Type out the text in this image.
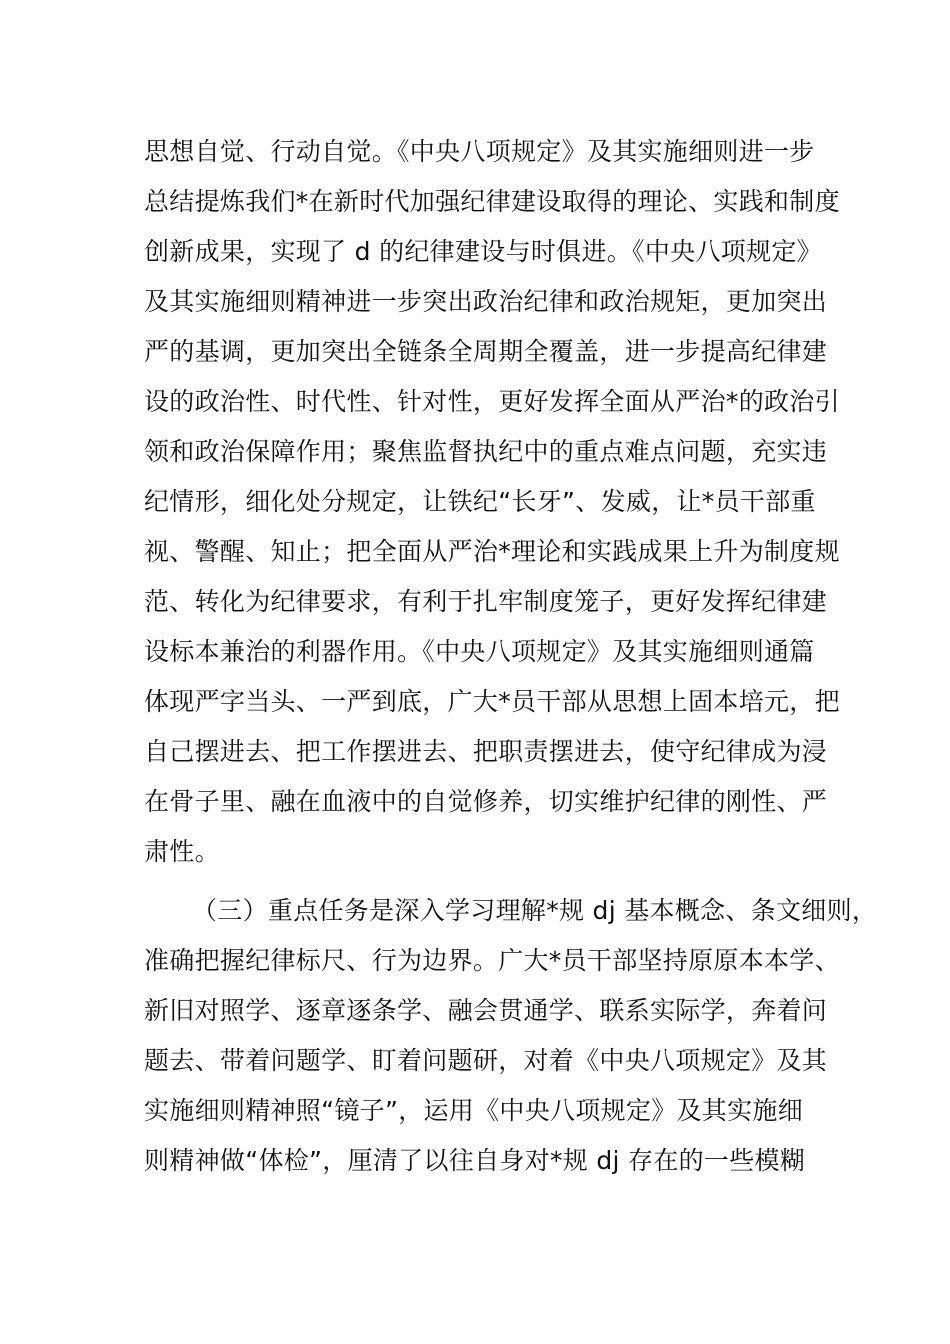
思想自觉、行动自觉。《中央八项规定》及其实施细则进一步
总结提炼我们*在新时代加强纪律建设取得的理论、实践和制度
创新成果，实现了 d 的纪律建设与时俱进。《中央八项规定》
及其实施细则精神进一步突出政治纪律和政治规矩，更加突出
严的基调，更加突出全链条全周期全覆盖，进一步提高纪律建
设的政治性、时代性、针对性，更好发挥全面从严治*的政治引
领和政治保障作用；聚焦监督执纪中的重点难点问题，充实违
纪情形，细化处分规定，让铁纪“长牙”、发威，让*员干部重
视、警醒、知止；把全面从严治*理论和实践成果上升为制度规
范、转化为纪律要求，有利于扎牢制度笼子，更好发挥纪律建
设标本兼治的利器作用。《中央八项规定》及其实施细则通篇
体现严字当头、一严到底，广大*员干部从思想上固本培元，把
自己摆进去、把工作摆进去、把职责摆进去，使守纪律成为浸
在骨子里、融在血液中的自觉修养，切实维护纪律的刚性、严
肃性。
（三）重点任务是深入学习理解*规 dj 基本概念、条文细则，
准确把握纪律标尺、行为边界。广大*员干部坚持原原本本学、
新旧对照学、逐章逐条学、融会贯通学、联系实际学，奔着问
题去、带着问题学、盯着问题研，对着《中央八项规定》及其
实施细则精神照“镜子”，运用《中央八项规定》及其实施细
则精神做“体检”，厘清了以往自身对*规 dj 存在的一些模糊
